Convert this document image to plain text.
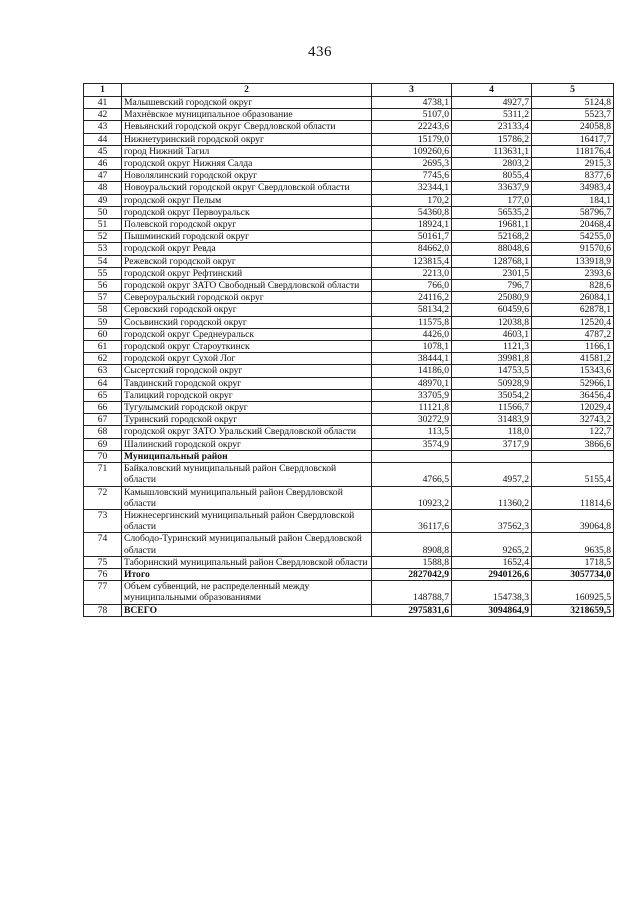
436
1	2	3	4	5
41	Малышевский городской округ	4738,1	4927,7	5124,8
42	Махнёвское муниципальное образование	5107,0	5311,2	5523,7
43	Невьянский городской округ Свердловской области	22243,6	23133,4	24058,8
44	Нижнетуринский городской округ	15179,0	15786,2	16417,7
45	город Нижний Тагил	109260,6	113631,1	118176,4
46	городской округ Нижняя Салда	2695,3	2803,2	2915,3
47	Новолялинский городской округ	7745,6	8055,4	8377,6
48	Новоуральский городской округ Свердловской области	32344,1	33637,9	34983,4
49	городской округ Пелым	170,2	177,0	184,1
50	городской округ Первоуральск	54360,8	56535,2	58796,7
51	Полевской городской округ	18924,1	19681,1	20468,4
52	Пышминский городской округ	50161,7	52168,2	54255,0
53	городской округ Ревда	84662,0	88048,6	91570,6
54	Режевской городской округ	123815,4	128768,1	133918,9
55	городской округ Рефтинский	2213,0	2301,5	2393,6
56	городской округ ЗАТО Свободный Свердловской области	766,0	796,7	828,6
57	Североуральский городской округ	24116,2	25080,9	26084,1
58	Серовский городской округ	58134,2	60459,6	62878,1
59	Сосьвинский городской округ	11575,8	12038,8	12520,4
60	городской округ Среднеуральск	4426,0	4603,1	4787,2
61	городской округ Староуткинск	1078,1	1121,3	1166,1
62	городской округ Сухой Лог	38444,1	39981,8	41581,2
63	Сысертский городской округ	14186,0	14753,5	15343,6
64	Тавдинский городской округ	48970,1	50928,9	52966,1
65	Талицкий городской округ	33705,9	35054,2	36456,4
66	Тугулымский городской округ	11121,8	11566,7	12029,4
67	Туринский городской округ	30272,9	31483,9	32743,2
68	городской округ ЗАТО Уральский Свердловской области	113,5	118,0	122,7
69	Шалинский городской округ	3574,9	3717,9	3866,6
70	Муниципальный район			
71	Байкаловский муниципальный район Свердловской области	4766,5	4957,2	5155,4
72	Камышловский муниципальный район Свердловской области	10923,2	11360,2	11814,6
73	Нижнесергинский муниципальный район Свердловской области	36117,6	37562,3	39064,8
74	Слободо-Туринский муниципальный район Свердловской области	8908,8	9265,2	9635,8
75	Таборинский муниципальный район Свердловской области	1588,8	1652,4	1718,5
76	Итого	2827042,9	2940126,6	3057734,0
77	Объем субвенций, не распределенный между муниципальными образованиями	148788,7	154738,3	160925,5
78	ВСЕГО	2975831,6	3094864,9	3218659,5
